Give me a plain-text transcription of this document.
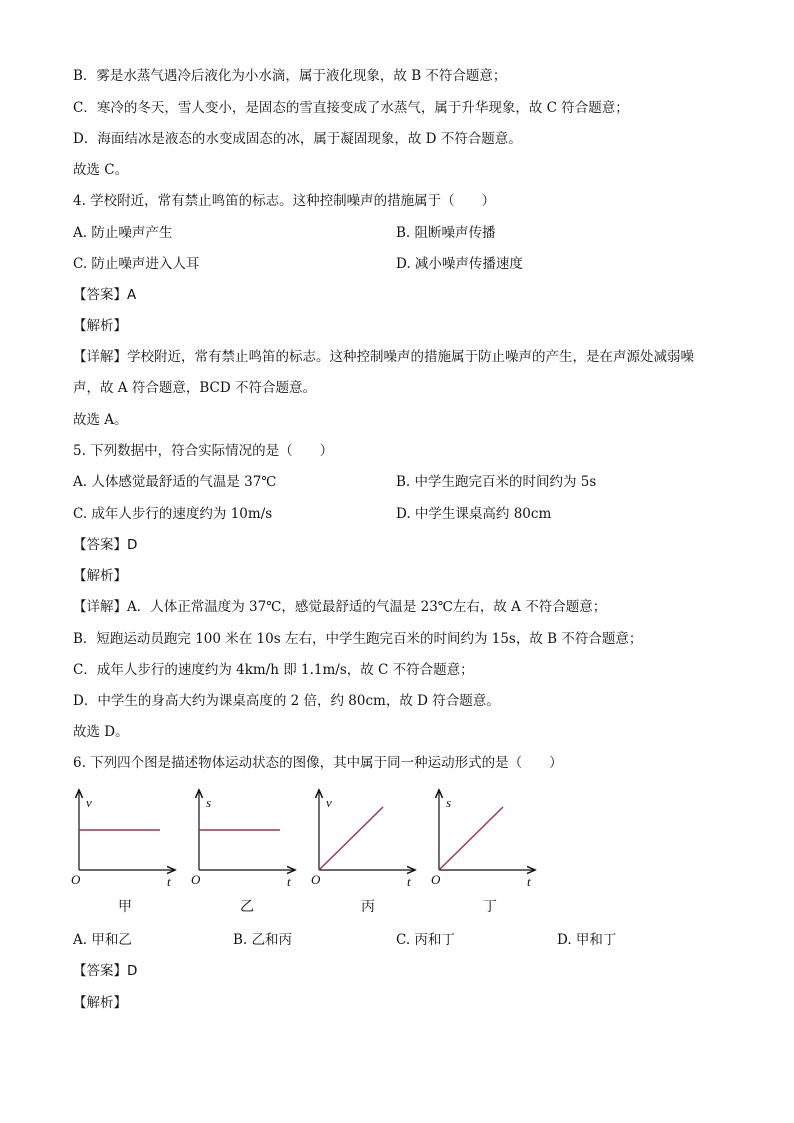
B．雾是水蒸气遇冷后液化为小水滴，属于液化现象，故 B 不符合题意；
C．寒冷的冬天，雪人变小，是固态的雪直接变成了水蒸气，属于升华现象，故 C 符合题意；
D．海面结冰是液态的水变成固态的冰，属于凝固现象，故 D 不符合题意。
故选 C。
4. 学校附近，常有禁止鸣笛的标志。这种控制噪声的措施属于（　　）
A. 防止噪声产生	B. 阻断噪声传播
C. 防止噪声进入人耳	D. 减小噪声传播速度
【答案】A
【解析】
【详解】学校附近，常有禁止鸣笛的标志。这种控制噪声的措施属于防止噪声的产生，是在声源处减弱噪
声，故 A 符合题意，BCD 不符合题意。
故选 A。
5. 下列数据中，符合实际情况的是（　　）
A. 人体感觉最舒适的气温是 37℃	B. 中学生跑完百米的时间约为 5s
C. 成年人步行的速度约为 10m/s	D. 中学生课桌高约 80cm
【答案】D
【解析】
【详解】A．人体正常温度为 37℃，感觉最舒适的气温是 23℃左右，故 A 不符合题意；
B．短跑运动员跑完 100 米在 10s 左右，中学生跑完百米的时间约为 15s，故 B 不符合题意；
C．成年人步行的速度约为 4km/h 即 1.1m/s，故 C 不符合题意；
D．中学生的身高大约为课桌高度的 2 倍，约 80cm，故 D 符合题意。
故选 D。
6. 下列四个图是描述物体运动状态的图像，其中属于同一种运动形式的是（　　）
v
t
O
s
t
O
v
t
O
s
t
O
甲	乙	丙	丁
A. 甲和乙	B. 乙和丙	C. 丙和丁	D. 甲和丁
【答案】D
【解析】
